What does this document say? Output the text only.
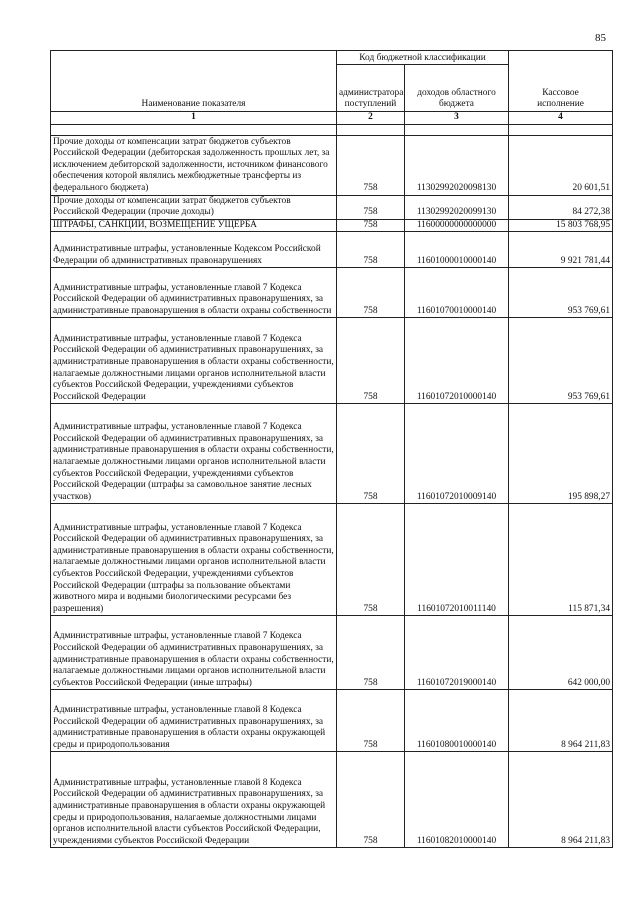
85
Наименование показателя	Код бюджетной классификации		Кассовое исполнение
	администратора поступлений	доходов областного бюджета	
1	2	3	4

Прочие доходы от компенсации затрат бюджетов субъектов Российской Федерации (дебиторская задолженность прошлых лет, за исключением дебиторской задолженности, источником финансового обеспечения которой являлись межбюджетные трансферты из федерального бюджета)	758	11302992020098130	20 601,51
Прочие доходы от компенсации затрат бюджетов субъектов Российской Федерации (прочие доходы)	758	11302992020099130	84 272,38
ШТРАФЫ, САНКЦИИ, ВОЗМЕЩЕНИЕ УЩЕРБА	758	11600000000000000	15 803 768,95
Административные штрафы, установленные Кодексом Российской Федерации об административных правонарушениях	758	11601000010000140	9 921 781,44
Административные штрафы, установленные главой 7 Кодекса Российской Федерации об административных правонарушениях, за административные правонарушения в области охраны собственности	758	11601070010000140	953 769,61
Административные штрафы, установленные главой 7 Кодекса Российской Федерации об административных правонарушениях, за административные правонарушения в области охраны собственности, налагаемые должностными лицами органов исполнительной власти субъектов Российской Федерации, учреждениями субъектов Российской Федерации	758	11601072010000140	953 769,61
Административные штрафы, установленные главой 7 Кодекса Российской Федерации об административных правонарушениях, за административные правонарушения в области охраны собственности, налагаемые должностными лицами органов исполнительной власти субъектов Российской Федерации, учреждениями субъектов Российской Федерации (штрафы за самовольное занятие лесных участков)	758	11601072010009140	195 898,27
Административные штрафы, установленные главой 7 Кодекса Российской Федерации об административных правонарушениях, за административные правонарушения в области охраны собственности, налагаемые должностными лицами органов исполнительной власти субъектов Российской Федерации, учреждениями субъектов Российской Федерации (штрафы за пользование объектами животного мира и водными биологическими ресурсами без разрешения)	758	11601072010011140	115 871,34
Административные штрафы, установленные главой 7 Кодекса Российской Федерации об административных правонарушениях, за административные правонарушения в области охраны собственности, налагаемые должностными лицами органов исполнительной власти субъектов Российской Федерации (иные штрафы)	758	11601072019000140	642 000,00
Административные штрафы, установленные главой 8 Кодекса Российской Федерации об административных правонарушениях, за административные правонарушения в области охраны окружающей среды и природопользования	758	11601080010000140	8 964 211,83
Административные штрафы, установленные главой 8 Кодекса Российской Федерации об административных правонарушениях, за административные правонарушения в области охраны окружающей среды и природопользования, налагаемые должностными лицами органов исполнительной власти субъектов Российской Федерации, учреждениями субъектов Российской Федерации	758	11601082010000140	8 964 211,83
